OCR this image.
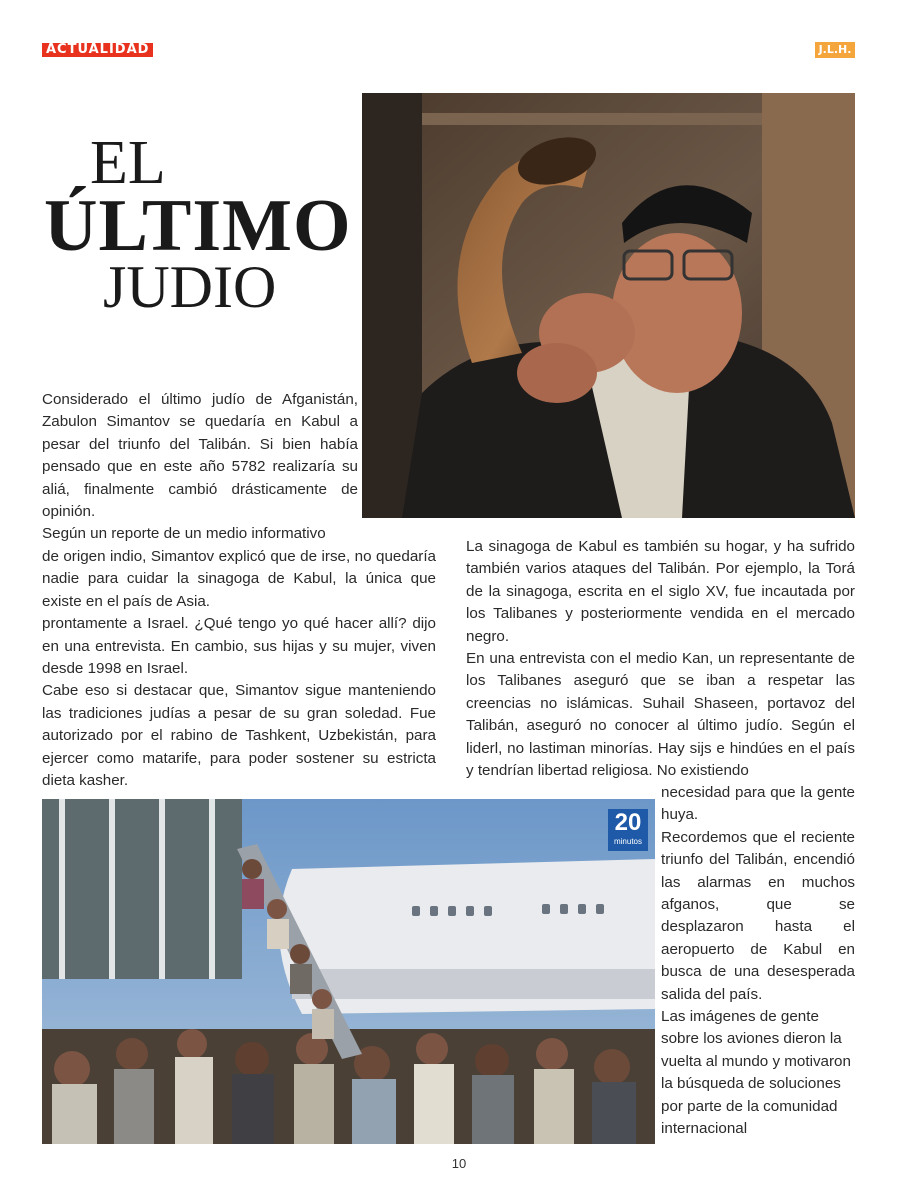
ACTUALIDAD	J.L.H.
EL
ÚLTIMO
JUDIO
20
minutos

Considerado el último judío de Afganistán, Zabulon Simantov se quedaría en Kabul a pesar del triunfo del Talibán. Si bien había pensado que en este año 5782 realizaría su aliá, finalmente cambió drásticamente de opinión.

Según un reporte de un medio informativo

de origen indio, Simantov explicó que de irse, no quedaría nadie para cuidar la sinagoga de Kabul, la única que existe en el país de Asia.

prontamente a Israel. ¿Qué tengo yo qué hacer allí? dijo en una entrevista. En cambio, sus hijas y su mujer, viven desde 1998 en Israel.

Cabe eso si destacar que, Simantov sigue manteniendo las tradiciones judías a pesar de su gran soledad. Fue autorizado por el rabino de Tashkent, Uzbekistán, para ejercer como matarife, para poder sostener su estricta dieta kasher.

La sinagoga de Kabul es también su hogar, y ha sufrido también varios ataques del Talibán. Por ejemplo, la Torá de la sinagoga, escrita en el siglo XV, fue incautada por los Talibanes y posteriormente vendida en el mercado negro.

En una entrevista con el medio Kan, un representante de los Talibanes aseguró que se iban a respetar las creencias no islámicas. Suhail Shaseen, portavoz del Talibán, aseguró no conocer al último judío. Según el liderl, no lastiman minorías. Hay sijs e hindúes en el país y tendrían libertad religiosa. No existiendo

necesidad para que la gente huya.

Recordemos que el reciente triunfo del Talibán, encendió las alarmas en muchos afganos, que se desplazaron hasta el aeropuerto de Kabul en busca de una desesperada salida del país.

Las imágenes de gente sobre los aviones dieron la vuelta al mundo y motivaron la búsqueda de soluciones por parte de la comunidad internacional

10
